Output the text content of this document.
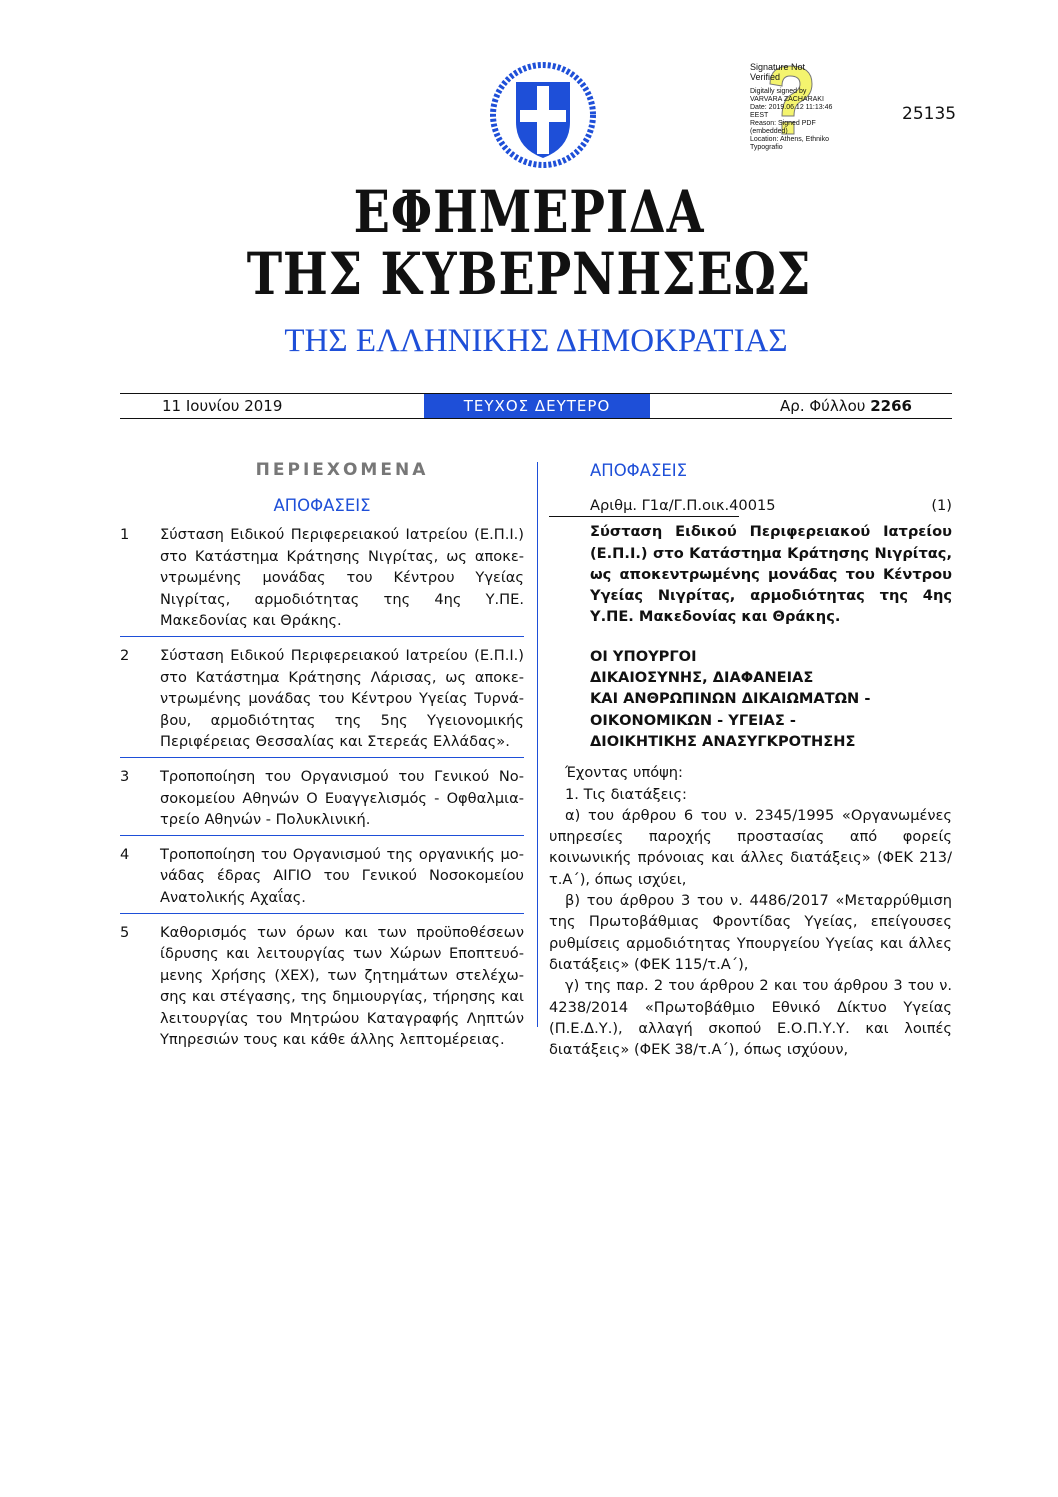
Signature Not
Verified
Digitally signed by
VARVARA ZACHARAKI
Date: 2019.06.12 11:13:46
EEST
Reason: Signed PDF
(embedded)
Location: Athens, Ethniko
Typografio
25135
ΕΦΗΜΕΡΙΔΑ
ΤΗΣ ΚΥΒΕΡΝΗΣΕΩΣ
ΤΗΣ ΕΛΛΗΝΙΚΗΣ ΔΗΜΟΚΡΑΤΙΑΣ
11 Ιουνίου 2019	ΤΕΥΧΟΣ ΔΕΥΤΕΡΟ	Αρ. Φύλλου 2266
ΠΕΡΙΕΧΟΜΕΝΑ
ΑΠΟΦΑΣΕΙΣ
1	Σύσταση Ειδικού Περιφερειακού Ιατρείου (Ε.Π.Ι.) στο Κατάστημα Κράτησης Νιγρίτας, ως αποκεντρωμένης μονάδας του Κέντρου Υγείας Νιγρίτας, αρμοδιότητας της 4ης Υ.ΠΕ. Μακεδονίας και Θράκης.
2	Σύσταση Ειδικού Περιφερειακού Ιατρείου (Ε.Π.Ι.) στο Κατάστημα Κράτησης Λάρισας, ως αποκεντρωμένης μονάδας του Κέντρου Υγείας Τυρνάβου, αρμοδιότητας της 5ης Υγειονομικής Περιφέρειας Θεσσαλίας και Στερεάς Ελλάδας».
3	Τροποποίηση του Οργανισμού του Γενικού Νοσοκομείου Αθηνών Ο Ευαγγελισμός - Οφθαλμιατρείο Αθηνών - Πολυκλινική.
4	Τροποποίηση του Οργανισμού της οργανικής μονάδας έδρας ΑΙΓΙΟ του Γενικού Νοσοκομείου Ανατολικής Αχαΐας.
5	Καθορισμός των όρων και των προϋποθέσεων ίδρυσης και λειτουργίας των Χώρων Εποπτευόμενης Χρήσης (ΧΕΧ), των ζητημάτων στελέχωσης και στέγασης, της δημιουργίας, τήρησης και λειτουργίας του Μητρώου Καταγραφής Ληπτών Υπηρεσιών τους και κάθε άλλης λεπτομέρειας.
ΑΠΟΦΑΣΕΙΣ
Αριθμ. Γ1α/Γ.Π.οικ.40015	(1)
Σύσταση Ειδικού Περιφερειακού Ιατρείου (Ε.Π.Ι.) στο Κατάστημα Κράτησης Νιγρίτας, ως αποκεντρωμένης μονάδας του Κέντρου Υγείας Νιγρίτας, αρμοδιότητας της 4ης Υ.ΠΕ. Μακεδονίας και Θράκης.
ΟΙ ΥΠΟΥΡΓΟΙ
ΔΙΚΑΙΟΣΥΝΗΣ, ΔΙΑΦΑΝΕΙΑΣ
ΚΑΙ ΑΝΘΡΩΠΙΝΩΝ ΔΙΚΑΙΩΜΑΤΩΝ -
ΟΙΚΟΝΟΜΙΚΩΝ - ΥΓΕΙΑΣ -
ΔΙΟΙΚΗΤΙΚΗΣ ΑΝΑΣΥΓΚΡΟΤΗΣΗΣ

Έχοντας υπόψη:

1. Τις διατάξεις:

α) του άρθρου 6 του ν. 2345/1995 «Οργανωμένες υπηρεσίες παροχής προστασίας από φορείς κοινωνικής πρόνοιας και άλλες διατάξεις» (ΦΕΚ 213/τ.Α΄), όπως ισχύει,

β) του άρθρου 3 του ν. 4486/2017 «Μεταρρύθμιση της Πρωτοβάθμιας Φροντίδας Υγείας, επείγουσες ρυθμίσεις αρμοδιότητας Υπουργείου Υγείας και άλλες διατάξεις» (ΦΕΚ 115/τ.Α΄),

γ) της παρ. 2 του άρθρου 2 και του άρθρου 3 του ν. 4238/2014 «Πρωτοβάθμιο Εθνικό Δίκτυο Υγείας (Π.Ε.Δ.Υ.), αλλαγή σκοπού Ε.Ο.Π.Υ.Υ. και λοιπές διατάξεις» (ΦΕΚ 38/τ.Α΄), όπως ισχύουν,
